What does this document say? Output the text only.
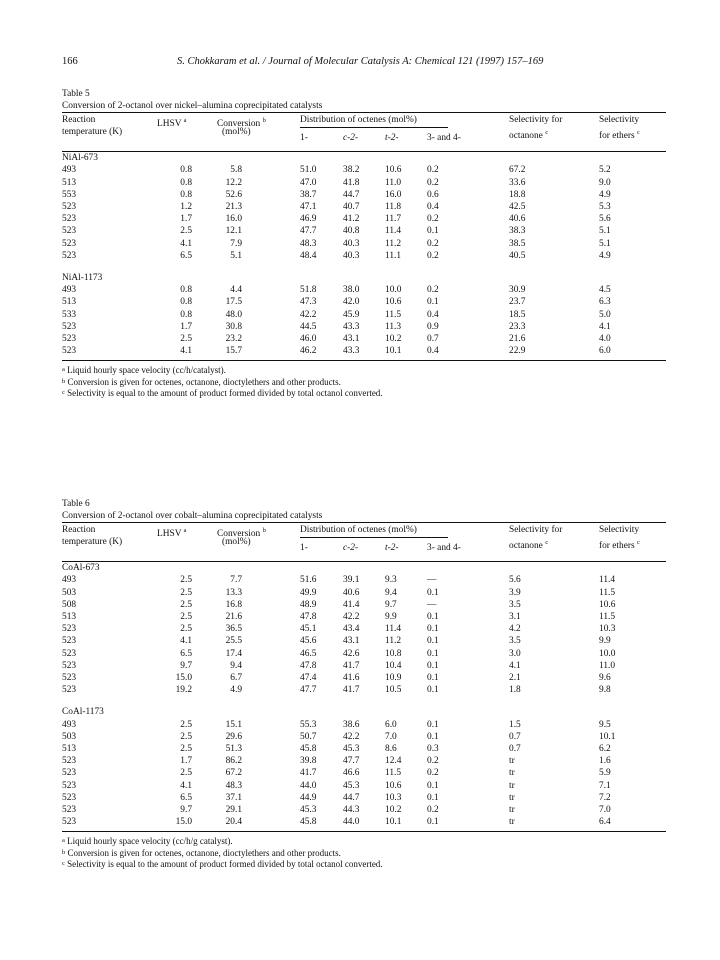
166	S. Chokkaram et al. / Journal of Molecular Catalysis A: Chemical 121 (1997) 157–169
Table 5
Conversion of 2-octanol over nickel–alumina coprecipitated catalysts
Reaction
temperature (K)
LHSV $^a$	Conversion $^b$
(mol%)
Distribution of octenes (mol%)
1-	c-2-	t-2-	3- and 4-
Selectivity for
octanone $^c$
Selectivity
for ethers $^c$
NiAl-673
493	0.8	5.8	51.0	38.2	10.6	0.2	67.2	5.2
513	0.8	12.2	47.0	41.8	11.0	0.2	33.6	9.0
553	0.8	52.6	38.7	44.7	16.0	0.6	18.8	4.9
523	1.2	21.3	47.1	40.7	11.8	0.4	42.5	5.3
523	1.7	16.0	46.9	41.2	11.7	0.2	40.6	5.6
523	2.5	12.1	47.7	40.8	11.4	0.1	38.3	5.1
523	4.1	7.9	48.3	40.3	11.2	0.2	38.5	5.1
523	6.5	5.1	48.4	40.3	11.1	0.2	40.5	4.9
NiAl-1173
493	0.8	4.4	51.8	38.0	10.0	0.2	30.9	4.5
513	0.8	17.5	47.3	42.0	10.6	0.1	23.7	6.3
533	0.8	48.0	42.2	45.9	11.5	0.4	18.5	5.0
523	1.7	30.8	44.5	43.3	11.3	0.9	23.3	4.1
523	2.5	23.2	46.0	43.1	10.2	0.7	21.6	4.0
523	4.1	15.7	46.2	43.3	10.1	0.4	22.9	6.0
$^a$ Liquid hourly space velocity (cc/h/catalyst).
$^b$ Conversion is given for octenes, octanone, dioctylethers and other products.
$^c$ Selectivity is equal to the amount of product formed divided by total octanol converted.
Table 6
Conversion of 2-octanol over cobalt–alumina coprecipitated catalysts
Reaction
temperature (K)
LHSV $^a$	Conversion $^b$
(mol%)
Distribution of octenes (mol%)
1-	c-2-	t-2-	3- and 4-
Selectivity for
octanone $^c$
Selectivity
for ethers $^c$
CoAl-673
493	2.5	7.7	51.6	39.1	9.3	—	5.6	11.4
503	2.5	13.3	49.9	40.6	9.4	0.1	3.9	11.5
508	2.5	16.8	48.9	41.4	9.7	—	3.5	10.6
513	2.5	21.6	47.8	42.2	9.9	0.1	3.1	11.5
523	2.5	36.5	45.1	43.4	11.4	0.1	4.2	10.3
523	4.1	25.5	45.6	43.1	11.2	0.1	3.5	9.9
523	6.5	17.4	46.5	42.6	10.8	0.1	3.0	10.0
523	9.7	9.4	47.8	41.7	10.4	0.1	4.1	11.0
523	15.0	6.7	47.4	41.6	10.9	0.1	2.1	9.6
523	19.2	4.9	47.7	41.7	10.5	0.1	1.8	9.8
CoAl-1173
493	2.5	15.1	55.3	38.6	6.0	0.1	1.5	9.5
503	2.5	29.6	50.7	42.2	7.0	0.1	0.7	10.1
513	2.5	51.3	45.8	45.3	8.6	0.3	0.7	6.2
523	1.7	86.2	39.8	47.7	12.4	0.2	tr	1.6
523	2.5	67.2	41.7	46.6	11.5	0.2	tr	5.9
523	4.1	48.3	44.0	45.3	10.6	0.1	tr	7.1
523	6.5	37.1	44.9	44.7	10.3	0.1	tr	7.2
523	9.7	29.1	45.3	44.3	10.2	0.2	tr	7.0
523	15.0	20.4	45.8	44.0	10.1	0.1	tr	6.4
$^a$ Liquid hourly space velocity (cc/h/g catalyst).
$^b$ Conversion is given for octenes, octanone, dioctylethers and other products.
$^c$ Selectivity is equal to the amount of product formed divided by total octanol converted.
